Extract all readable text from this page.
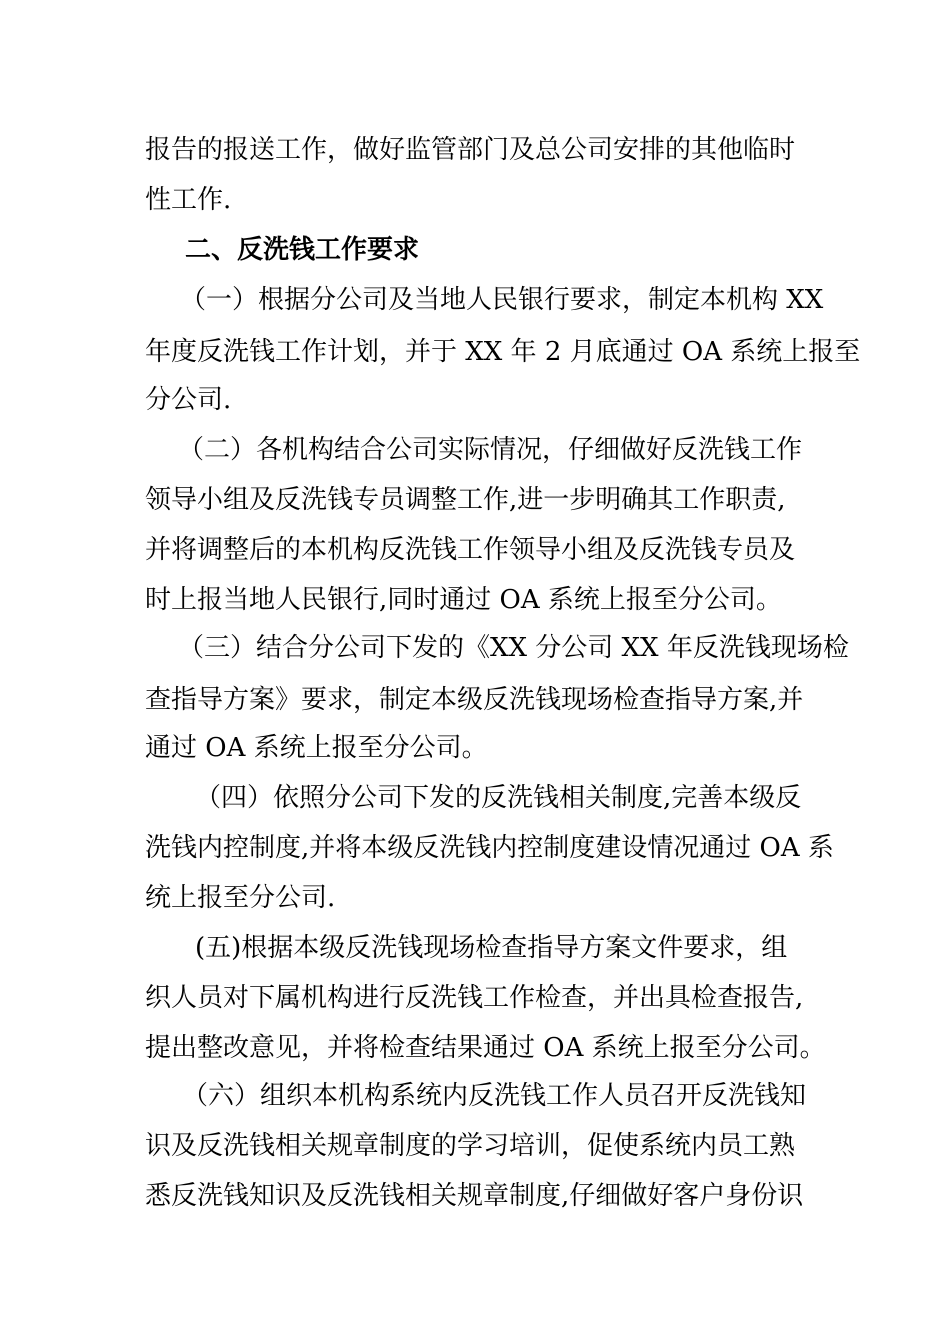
报告的报送工作，做好监管部门及总公司安排的其他临时
性工作.
二、反洗钱工作要求
（一）根据分公司及当地人民银行要求，制定本机构 XX
年度反洗钱工作计划，并于 XX 年 2 月底通过 OA 系统上报至
分公司.
（二）各机构结合公司实际情况，仔细做好反洗钱工作
领导小组及反洗钱专员调整工作,进一步明确其工作职责,
并将调整后的本机构反洗钱工作领导小组及反洗钱专员及
时上报当地人民银行,同时通过 OA 系统上报至分公司。
（三）结合分公司下发的《XX 分公司 XX 年反洗钱现场检
查指导方案》要求，制定本级反洗钱现场检查指导方案,并
通过 OA 系统上报至分公司。
（四）依照分公司下发的反洗钱相关制度,完善本级反
洗钱内控制度,并将本级反洗钱内控制度建设情况通过 OA 系
统上报至分公司.
(五)根据本级反洗钱现场检查指导方案文件要求，组
织人员对下属机构进行反洗钱工作检查，并出具检查报告,
提出整改意见，并将检查结果通过 OA 系统上报至分公司。
（六）组织本机构系统内反洗钱工作人员召开反洗钱知
识及反洗钱相关规章制度的学习培训，促使系统内员工熟
悉反洗钱知识及反洗钱相关规章制度,仔细做好客户身份识
